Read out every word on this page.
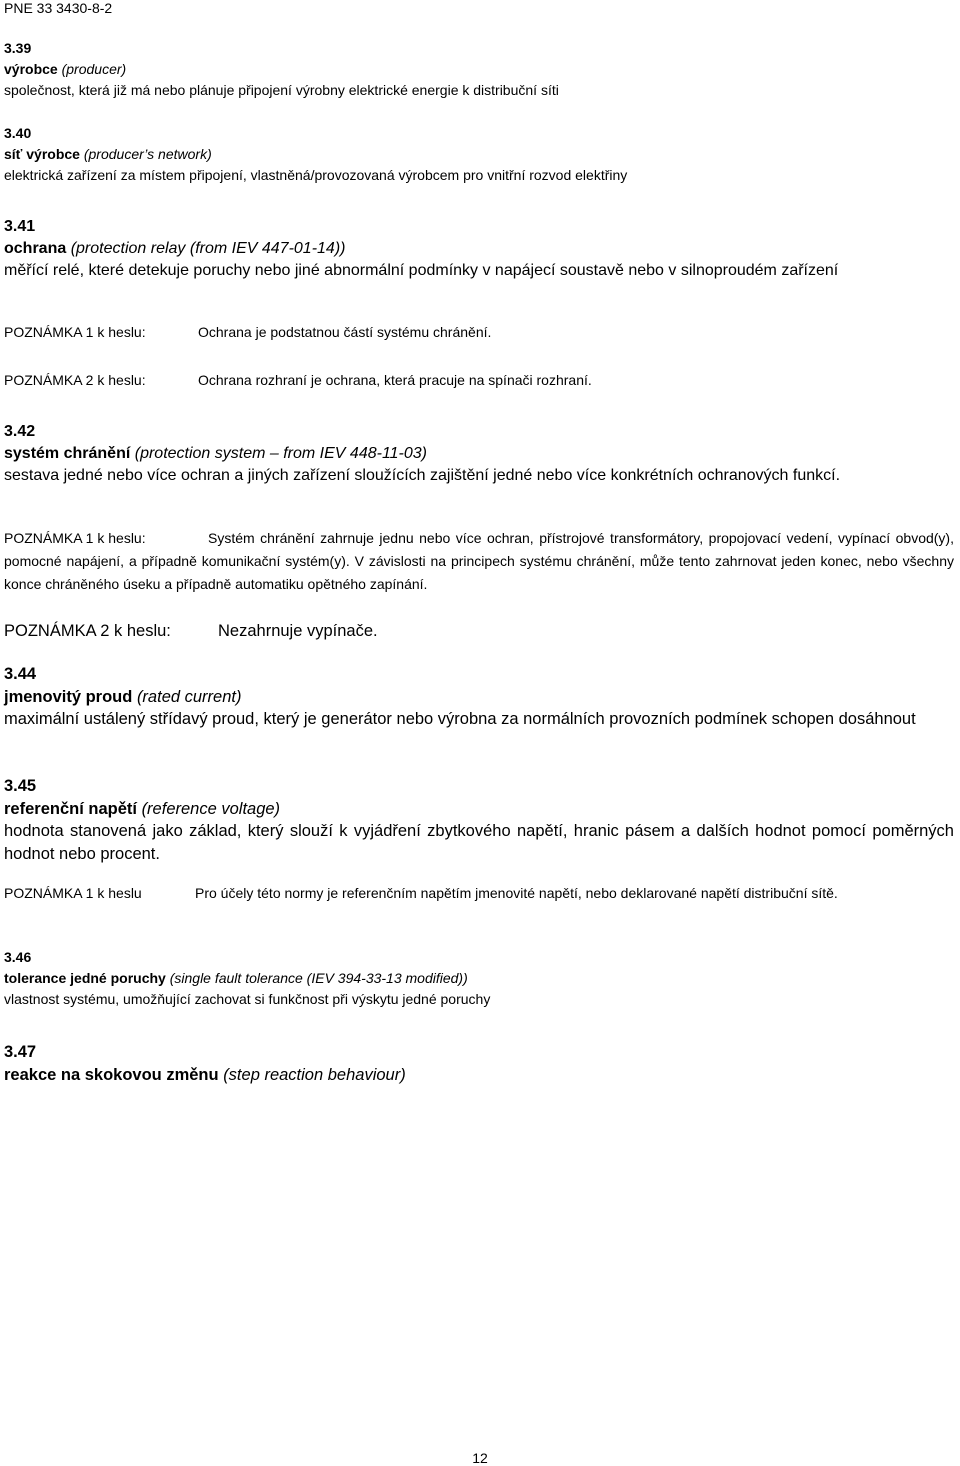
PNE 33 3430-8-2
3.39
výrobce (producer)
společnost, která již má nebo plánuje připojení výrobny elektrické energie k distribuční síti
3.40
síť výrobce (producer’s network)
elektrická zařízení za místem připojení, vlastněná/provozovaná výrobcem pro vnitřní rozvod elektřiny
3.41
ochrana (protection relay (from IEV 447-01-14))
měřící relé, které detekuje poruchy nebo jiné abnormální podmínky v napájecí soustavě nebo v silnoproudém zařízení
POZNÁMKA 1 k heslu:	Ochrana je podstatnou částí systému chránění.
POZNÁMKA 2 k heslu:	Ochrana rozhraní je ochrana, která pracuje na spínači rozhraní.
3.42
systém chránění (protection system – from IEV 448-11-03)
sestava jedné nebo více ochran a jiných zařízení sloužících zajištění jedné nebo více konkrétních ochranových funkcí.
POZNÁMKA 1 k heslu:	Systém chránění zahrnuje jednu nebo více ochran, přístrojové transformátory, propojovací vedení, vypínací obvod(y), pomocné napájení, a případně komunikační systém(y). V závislosti na principech systému chránění, může tento zahrnovat jeden konec, nebo všechny konce chráněného úseku a případně automatiku opětného zapínání.
POZNÁMKA 2 k heslu:	Nezahrnuje vypínače.
3.44
jmenovitý proud (rated current)
maximální ustálený střídavý proud, který je generátor nebo výrobna za normálních provozních podmínek schopen dosáhnout
3.45
referenční napětí (reference voltage)
hodnota stanovená jako základ, který slouží k vyjádření zbytkového napětí, hranic pásem a dalších hodnot pomocí poměrných hodnot nebo procent.
POZNÁMKA 1 k heslu	Pro účely této normy je referenčním napětím jmenovité napětí, nebo deklarované napětí distribuční sítě.
3.46
tolerance jedné poruchy (single fault tolerance (IEV 394-33-13 modified))
vlastnost systému, umožňující zachovat si funkčnost při výskytu jedné poruchy
3.47
reakce na skokovou změnu (step reaction behaviour)
12
